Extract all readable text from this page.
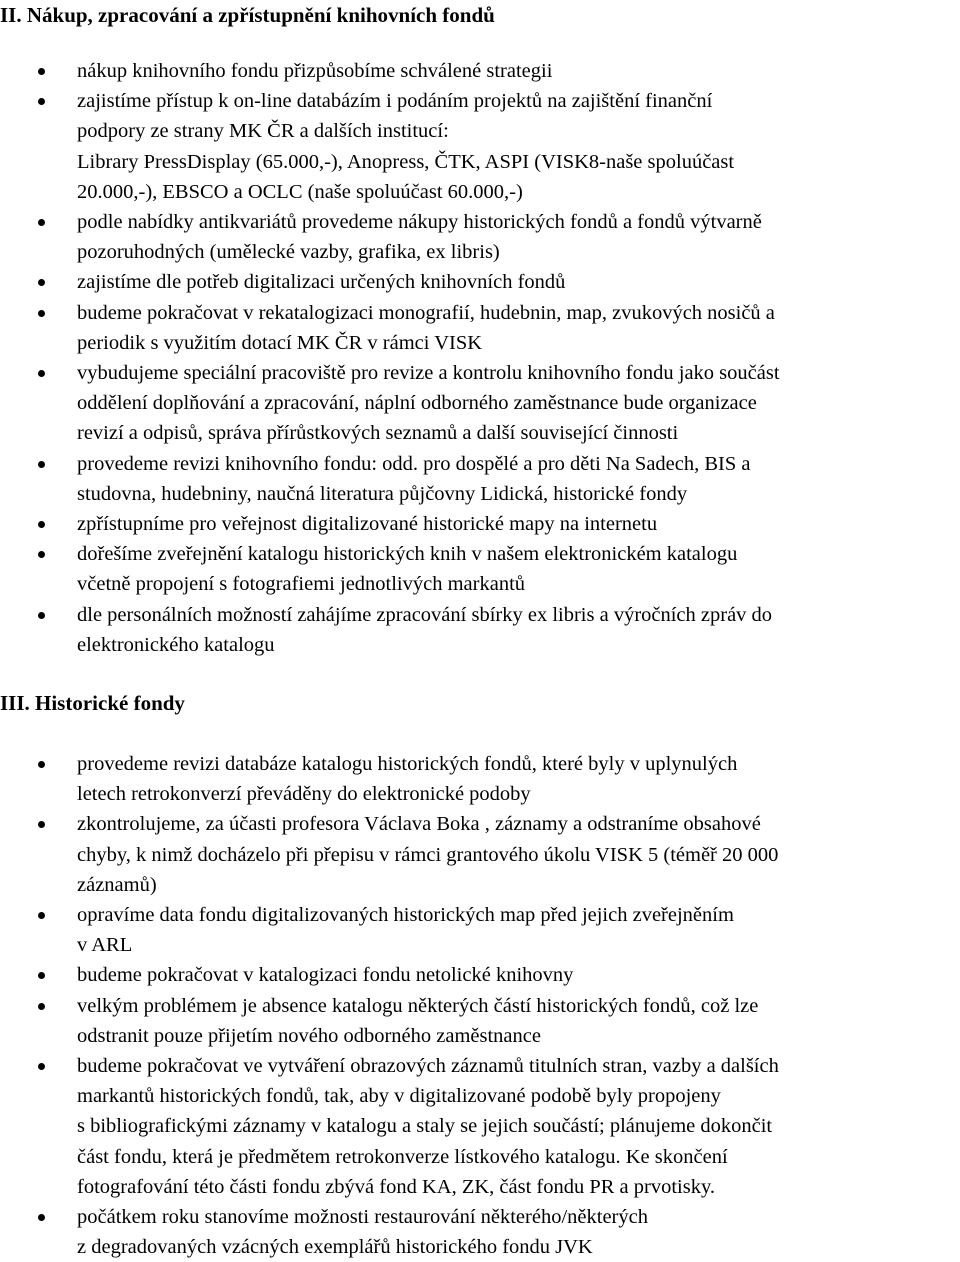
II. Nákup, zpracování a zpřístupnění knihovních fondů
nákup knihovního fondu přizpůsobíme schválené strategii
zajistíme přístup k on-line databázím i podáním projektů na zajištění finanční
podpory ze strany MK ČR a dalších institucí:
Library PressDisplay (65.000,-), Anopress, ČTK, ASPI (VISK8-naše spoluúčast
20.000,-), EBSCO a OCLC (naše spoluúčast 60.000,-)
podle nabídky antikvariátů provedeme nákupy historických fondů a fondů výtvarně
pozoruhodných (umělecké vazby, grafika, ex libris)
zajistíme dle potřeb digitalizaci určených knihovních fondů
budeme pokračovat v rekatalogizaci monografií, hudebnin, map, zvukových nosičů a
periodik s využitím dotací MK ČR v rámci VISK
vybudujeme speciální pracoviště pro revize a kontrolu knihovního fondu jako součást
oddělení doplňování a zpracování, náplní odborného zaměstnance bude organizace
revizí a odpisů, správa přírůstkových seznamů a další související činnosti
provedeme revizi knihovního fondu: odd. pro dospělé a pro děti Na Sadech, BIS a
studovna, hudebniny, naučná literatura půjčovny Lidická, historické fondy
zpřístupníme pro veřejnost digitalizované historické mapy na internetu
dořešíme zveřejnění katalogu historických knih v našem elektronickém katalogu
včetně propojení s fotografiemi jednotlivých markantů
dle personálních možností zahájíme zpracování sbírky ex libris a výročních zpráv do
elektronického katalogu
III. Historické fondy
provedeme revizi databáze katalogu historických fondů, které byly v uplynulých
letech retrokonverzí převáděny do elektronické podoby
zkontrolujeme, za účasti profesora Václava Boka , záznamy a odstraníme obsahové
chyby, k nimž docházelo při přepisu v rámci grantového úkolu VISK 5 (téměř 20 000
záznamů)
opravíme data fondu digitalizovaných historických map před jejich zveřejněním
v ARL
budeme pokračovat v katalogizaci fondu netolické knihovny
velkým problémem je absence katalogu některých částí historických fondů, což lze
odstranit pouze přijetím nového odborného zaměstnance
budeme pokračovat ve vytváření obrazových záznamů titulních stran, vazby a dalších
markantů historických fondů, tak, aby v digitalizované podobě byly propojeny
s bibliografickými záznamy v katalogu a staly se jejich součástí; plánujeme dokončit
část fondu, která je předmětem retrokonverze lístkového katalogu. Ke skončení
fotografování této části fondu zbývá fond KA, ZK, část fondu PR a prvotisky.
počátkem roku stanovíme možnosti restaurování některého/některých
z degradovaných vzácných exemplářů historického fondu JVK
